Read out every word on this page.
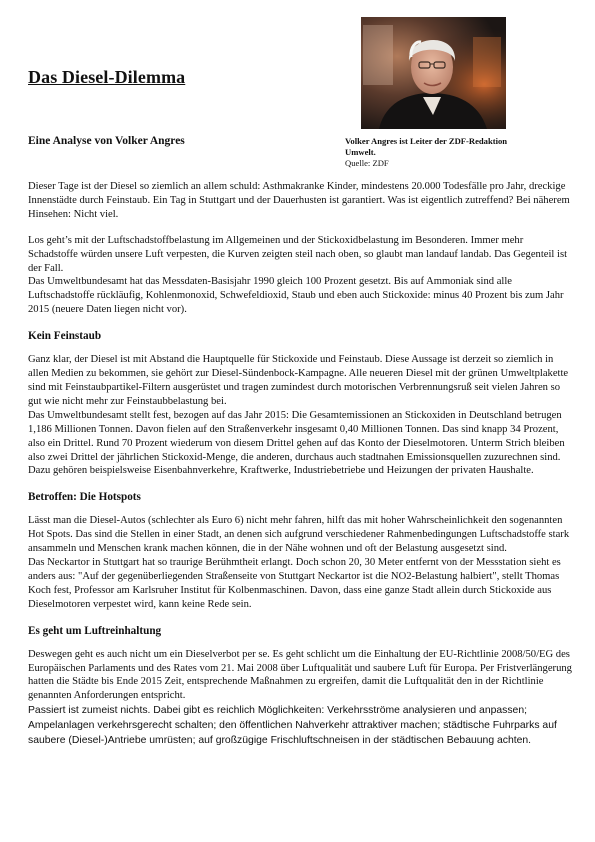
Das Diesel-Dilemma
Eine Analyse von Volker Angres	Volker Angres ist Leiter der ZDF-Redaktion
Umwelt.
Quelle: ZDF

Dieser Tage ist der Diesel so ziemlich an allem schuld: Asthmakranke Kinder, mindestens 20.000 Todesfälle pro Jahr, dreckige Innenstädte durch Feinstaub. Ein Tag in Stuttgart und der Dauerhusten ist garantiert. Was ist eigentlich zutreffend? Bei näherem Hinsehen: Nicht viel.

Los geht’s mit der Luftschadstoffbelastung im Allgemeinen und der Stickoxidbelastung im Besonderen. Immer mehr Schadstoffe würden unsere Luft verpesten, die Kurven zeigten steil nach oben, so glaubt man landauf landab. Das Gegenteil ist der Fall.

Das Umweltbundesamt hat das Messdaten-Basisjahr 1990 gleich 100 Prozent gesetzt. Bis auf Ammoniak sind alle Luftschadstoffe rückläufig, Kohlenmonoxid, Schwefeldioxid, Staub und eben auch Stickoxide: minus 40 Prozent bis zum Jahr 2015 (neuere Daten liegen nicht vor).

Kein Feinstaub

Ganz klar, der Diesel ist mit Abstand die Hauptquelle für Stickoxide und Feinstaub. Diese Aussage ist derzeit so ziemlich in allen Medien zu bekommen, sie gehört zur Diesel-Sündenbock-Kampagne. Alle neueren Diesel mit der grünen Umweltplakette sind mit Feinstaubpartikel-Filtern ausgerüstet und tragen zumindest durch motorischen Verbrennungsruß seit vielen Jahren so gut wie nicht mehr zur Feinstaubbelastung bei.

Das Umweltbundesamt stellt fest, bezogen auf das Jahr 2015: Die Gesamtemissionen an Stickoxiden in Deutschland betrugen 1,186 Millionen Tonnen. Davon fielen auf den Straßenverkehr insgesamt 0,40 Millionen Tonnen. Das sind knapp 34 Prozent, also ein Drittel. Rund 70 Prozent wiederum von diesem Drittel gehen auf das Konto der Dieselmotoren. Unterm Strich bleiben also zwei Drittel der jährlichen Stickoxid-Menge, die anderen, durchaus auch stadtnahen Emissionsquellen zuzurechnen sind. Dazu gehören beispielsweise Eisenbahnverkehre, Kraftwerke, Industriebetriebe und Heizungen der privaten Haushalte.

Betroffen: Die Hotspots

Lässt man die Diesel-Autos (schlechter als Euro 6) nicht mehr fahren, hilft das mit hoher Wahrscheinlichkeit den sogenannten Hot Spots. Das sind die Stellen in einer Stadt, an denen sich aufgrund verschiedener Rahmenbedingungen Luftschadstoffe stark ansammeln und Menschen krank machen können, die in der Nähe wohnen und oft der Belastung ausgesetzt sind.

Das Neckartor in Stuttgart hat so traurige Berühmtheit erlangt. Doch schon 20, 30 Meter entfernt von der Messstation sieht es anders aus: "Auf der gegenüberliegenden Straßenseite von Stuttgart Neckartor ist die NO2-Belastung halbiert", stellt Thomas Koch fest, Professor am Karlsruher Institut für Kolbenmaschinen. Davon, dass eine ganze Stadt allein durch Stickoxide aus Dieselmotoren verpestet wird, kann keine Rede sein.

Es geht um Luftreinhaltung

Deswegen geht es auch nicht um ein Dieselverbot per se. Es geht schlicht um die Einhaltung der EU-Richtlinie 2008/50/EG des Europäischen Parlaments und des Rates vom 21. Mai 2008 über Luftqualität und saubere Luft für Europa. Per Fristverlängerung hatten die Städte bis Ende 2015 Zeit, entsprechende Maßnahmen zu ergreifen, damit die Luftqualität den in der Richtlinie genannten Anforderungen entspricht.

Passiert ist zumeist nichts. Dabei gibt es reichlich Möglichkeiten: Verkehrsströme analysieren und anpassen; Ampelanlagen verkehrsgerecht schalten; den öffentlichen Nahverkehr attraktiver machen; städtische Fuhrparks auf saubere (Diesel-)Antriebe umrüsten; auf großzügige Frischluftschneisen in der städtischen Bebauung achten.
